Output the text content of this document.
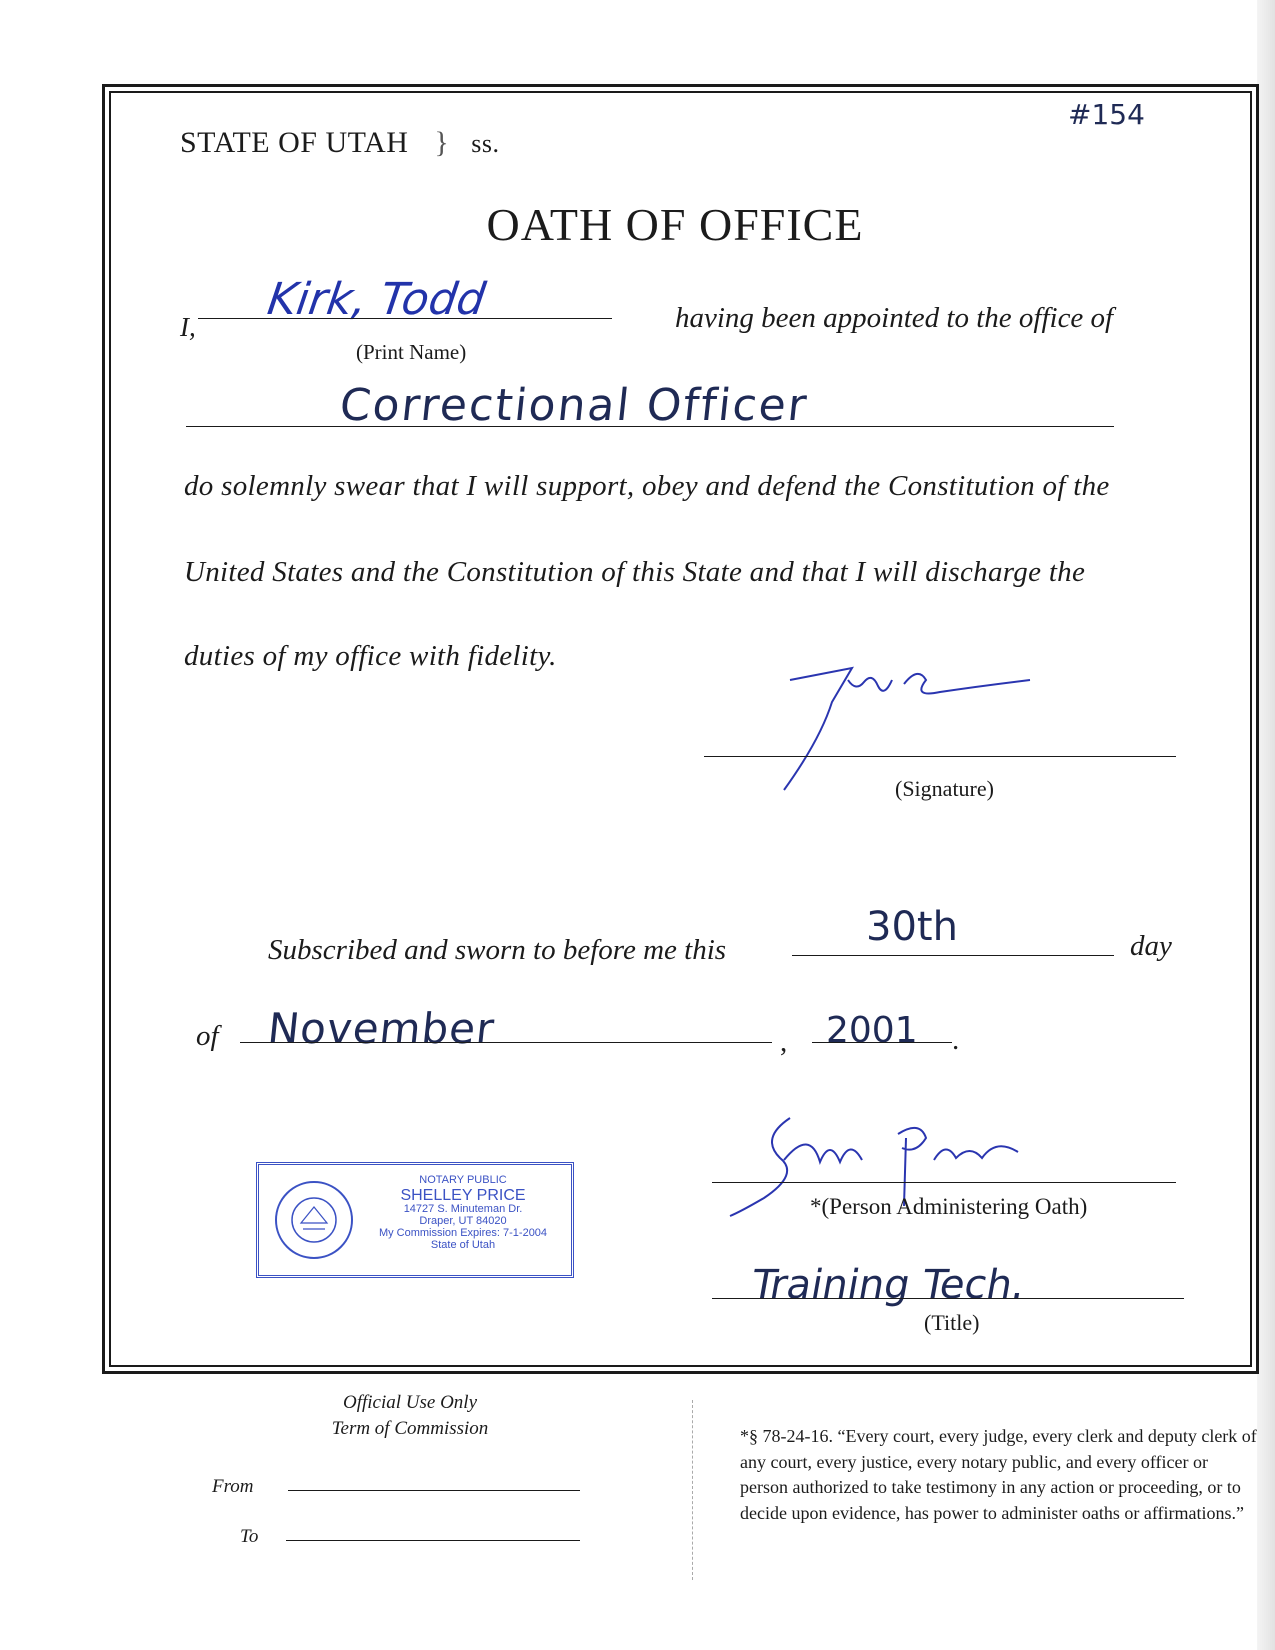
STATE OF UTAH } ss.
#154
OATH OF OFFICE
I,
Kirk, Todd
(Print Name)
having been appointed to the office of
Correctional Officer
do solemnly swear that I will support, obey and defend the Constitution of the
United States and the Constitution of this State and that I will discharge the
duties of my office with fidelity.
(Signature)
Subscribed and sworn to before me this	30th	day
of November	, 2001 .
NOTARY PUBLIC
SHELLEY PRICE
14727 S. Minuteman Dr.
Draper, UT 84020
My Commission Expires: 7-1-2004
State of Utah
*(Person Administering Oath)
Training Tech.
(Title)
Official Use Only
Term of Commission
From
To
*§ 78-24-16. “Every court, every judge, every clerk and deputy clerk of any court, every justice, every notary public, and every officer or person authorized to take testimony in any action or proceeding, or to decide upon evidence, has power to administer oaths or affirmations.”
